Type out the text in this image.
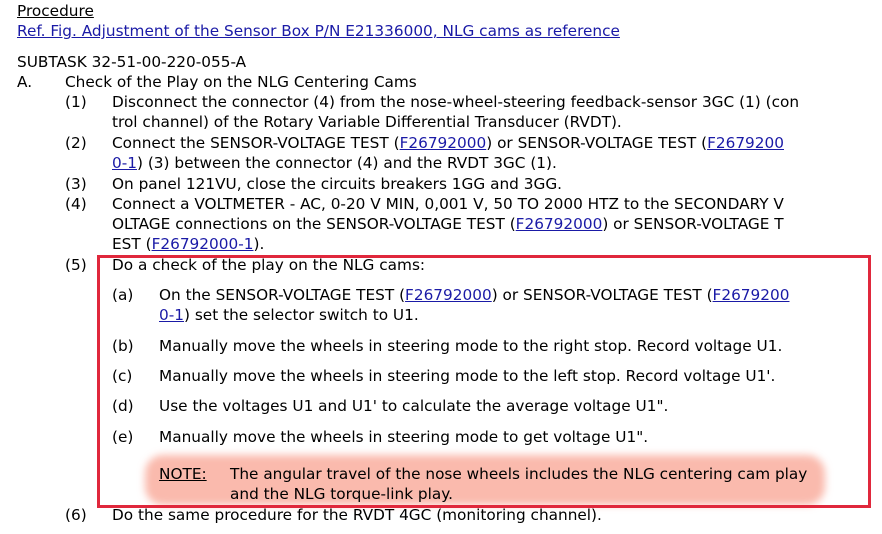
Procedure
Ref. Fig. Adjustment of the Sensor Box P/N E21336000, NLG cams as reference
SUBTASK 32-51-00-220-055-A
A. Check of the Play on the NLG Centering Cams
(1) Disconnect the connector (4) from the nose-wheel-steering feedback-sensor 3GC (1) (con
trol channel) of the Rotary Variable Differential Transducer (RVDT).
(2) Connect the SENSOR-VOLTAGE TEST (F26792000) or SENSOR-VOLTAGE TEST (F2679200
0-1) (3) between the connector (4) and the RVDT 3GC (1).
(3) On panel 121VU, close the circuits breakers 1GG and 3GG.
(4) Connect a VOLTMETER - AC, 0-20 V MIN, 0,001 V, 50 TO 2000 HTZ to the SECONDARY V
OLTAGE connections on the SENSOR-VOLTAGE TEST (F26792000) or SENSOR-VOLTAGE T
EST (F26792000-1).
(5) Do a check of the play on the NLG cams:
(a) On the SENSOR-VOLTAGE TEST (F26792000) or SENSOR-VOLTAGE TEST (F2679200
0-1) set the selector switch to U1.
(b) Manually move the wheels in steering mode to the right stop. Record voltage U1.
(c) Manually move the wheels in steering mode to the left stop. Record voltage U1'.
(d) Use the voltages U1 and U1' to calculate the average voltage U1".
(e) Manually move the wheels in steering mode to get voltage U1".
NOTE: The angular travel of the nose wheels includes the NLG centering cam play
and the NLG torque-link play.
(6) Do the same procedure for the RVDT 4GC (monitoring channel).
